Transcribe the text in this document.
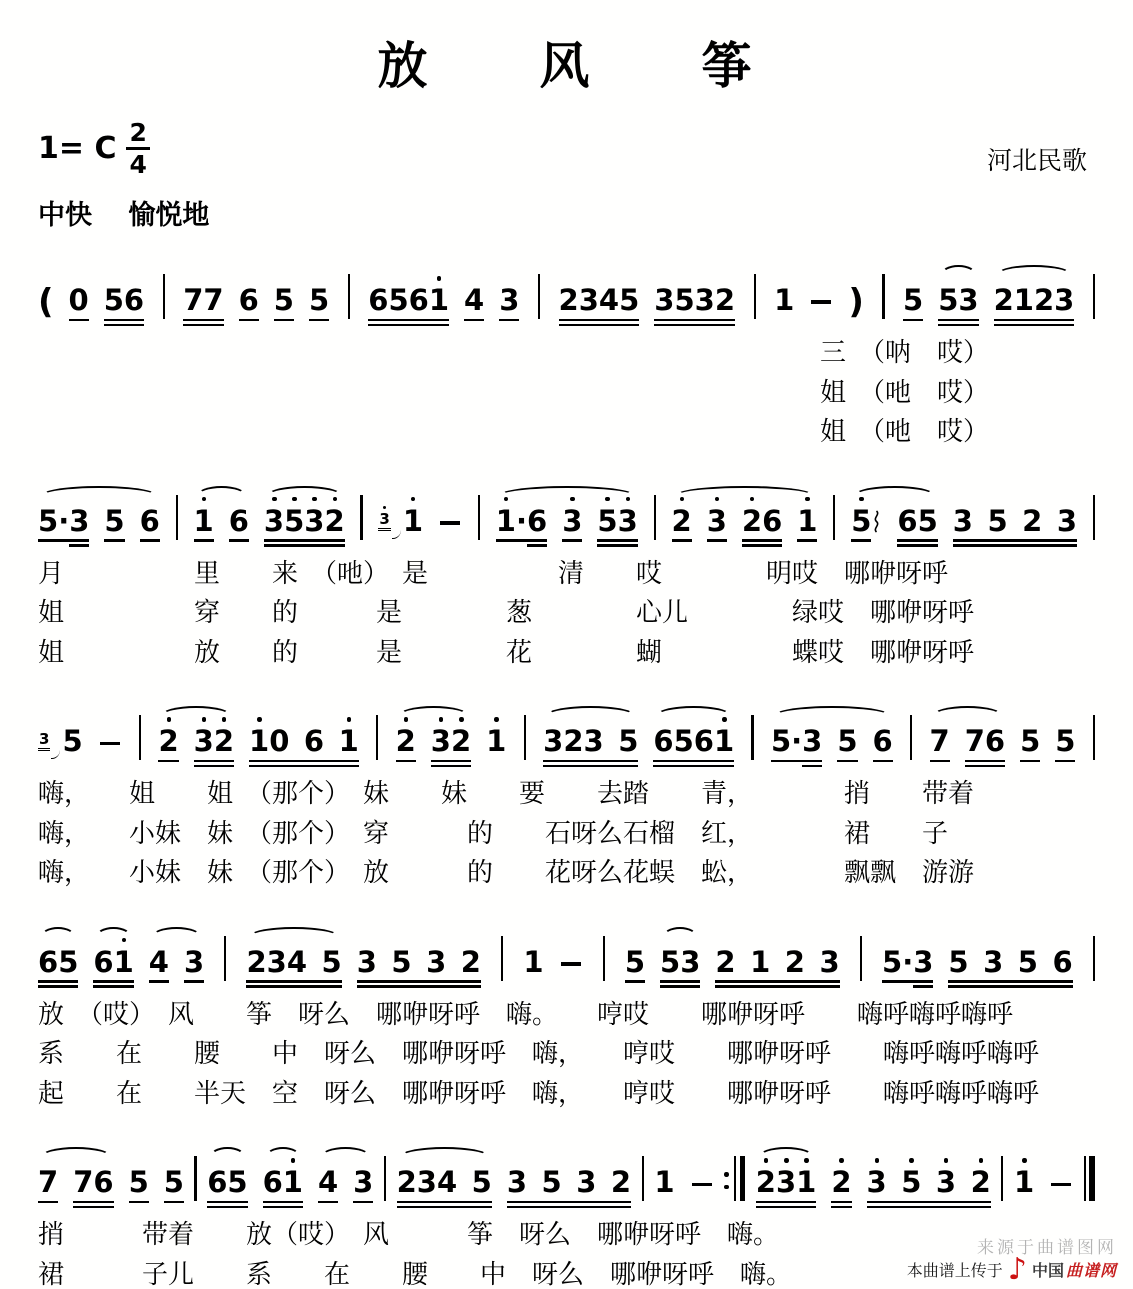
放　　风　　筝
1= C $\frac{2}{4}$	河北民歌
中快　 愉悦地
( 0 56 77 6 5 5 6561 4 3 2345 3532 1 ) 5 53 2123
三　（呐　哎）
姐　（吔　哎）
姐　（吔　哎）
5· 3 5 6 1 6 3
5
3
2 3 1	1
· 6 3 5
3 2 3 2
6 1 5 65 3  5  2  3
月　　　　　里　　来　（吔）　是　　　　　清　　哎　　　　明哎　哪咿呀呼
姐　　　　　穿　　的　　　是　　　　葱　　　　心儿　　　　绿哎　哪咿呀呼
姐　　　　　放　　的　　　是　　　　花　　　　蝴　　　　　蝶哎　哪咿呀呼
3 5	2 3
2 1
0  6  1 2 3
2 1 323  5 6561 5· 3 5 6 7 76 5 5
嗨，　　姐　　姐　（那个）　妹　　妹　　要　　去踏　　青，　　　　捎　　带着
嗨，　　小妹　妹　（那个）　穿　　　的　　石呀么石榴　红，　　　　裙　　子
嗨，　　小妹　妹　（那个）　放　　　的　　花呀么花蜈　蚣，　　　　飘飘　游游
65 61 4 3 234  5 3  5  3  2 1	5 53 2  1  2  3 5· 3 5  3  5  6
放　（哎）　风　　筝　呀么　哪咿呀呼　嗨。　　哼哎　　哪咿呀呼　　嗨呼嗨呼嗨呼
系　　在　　腰　　中　呀么　哪咿呀呼　嗨，　　哼哎　　哪咿呀呼　　嗨呼嗨呼嗨呼
起　　在　　半天　空　呀么　哪咿呀呼　嗨，　　哼哎　　哪咿呀呼　　嗨呼嗨呼嗨呼
7 76 5 5 65 61 4 3 234  5 3  5  3  2 1	2
3
1 2 3
  5
  3
  2 1
捎　　　带着　　放（哎）　风　　　筝　呀么　哪咿呀呼　嗨。
裙　　　子儿　　系　　在　　腰　　中　呀么　哪咿呀呼　嗨。
来源于曲谱图网
本曲谱上传于 ♪ 中国 曲谱网
